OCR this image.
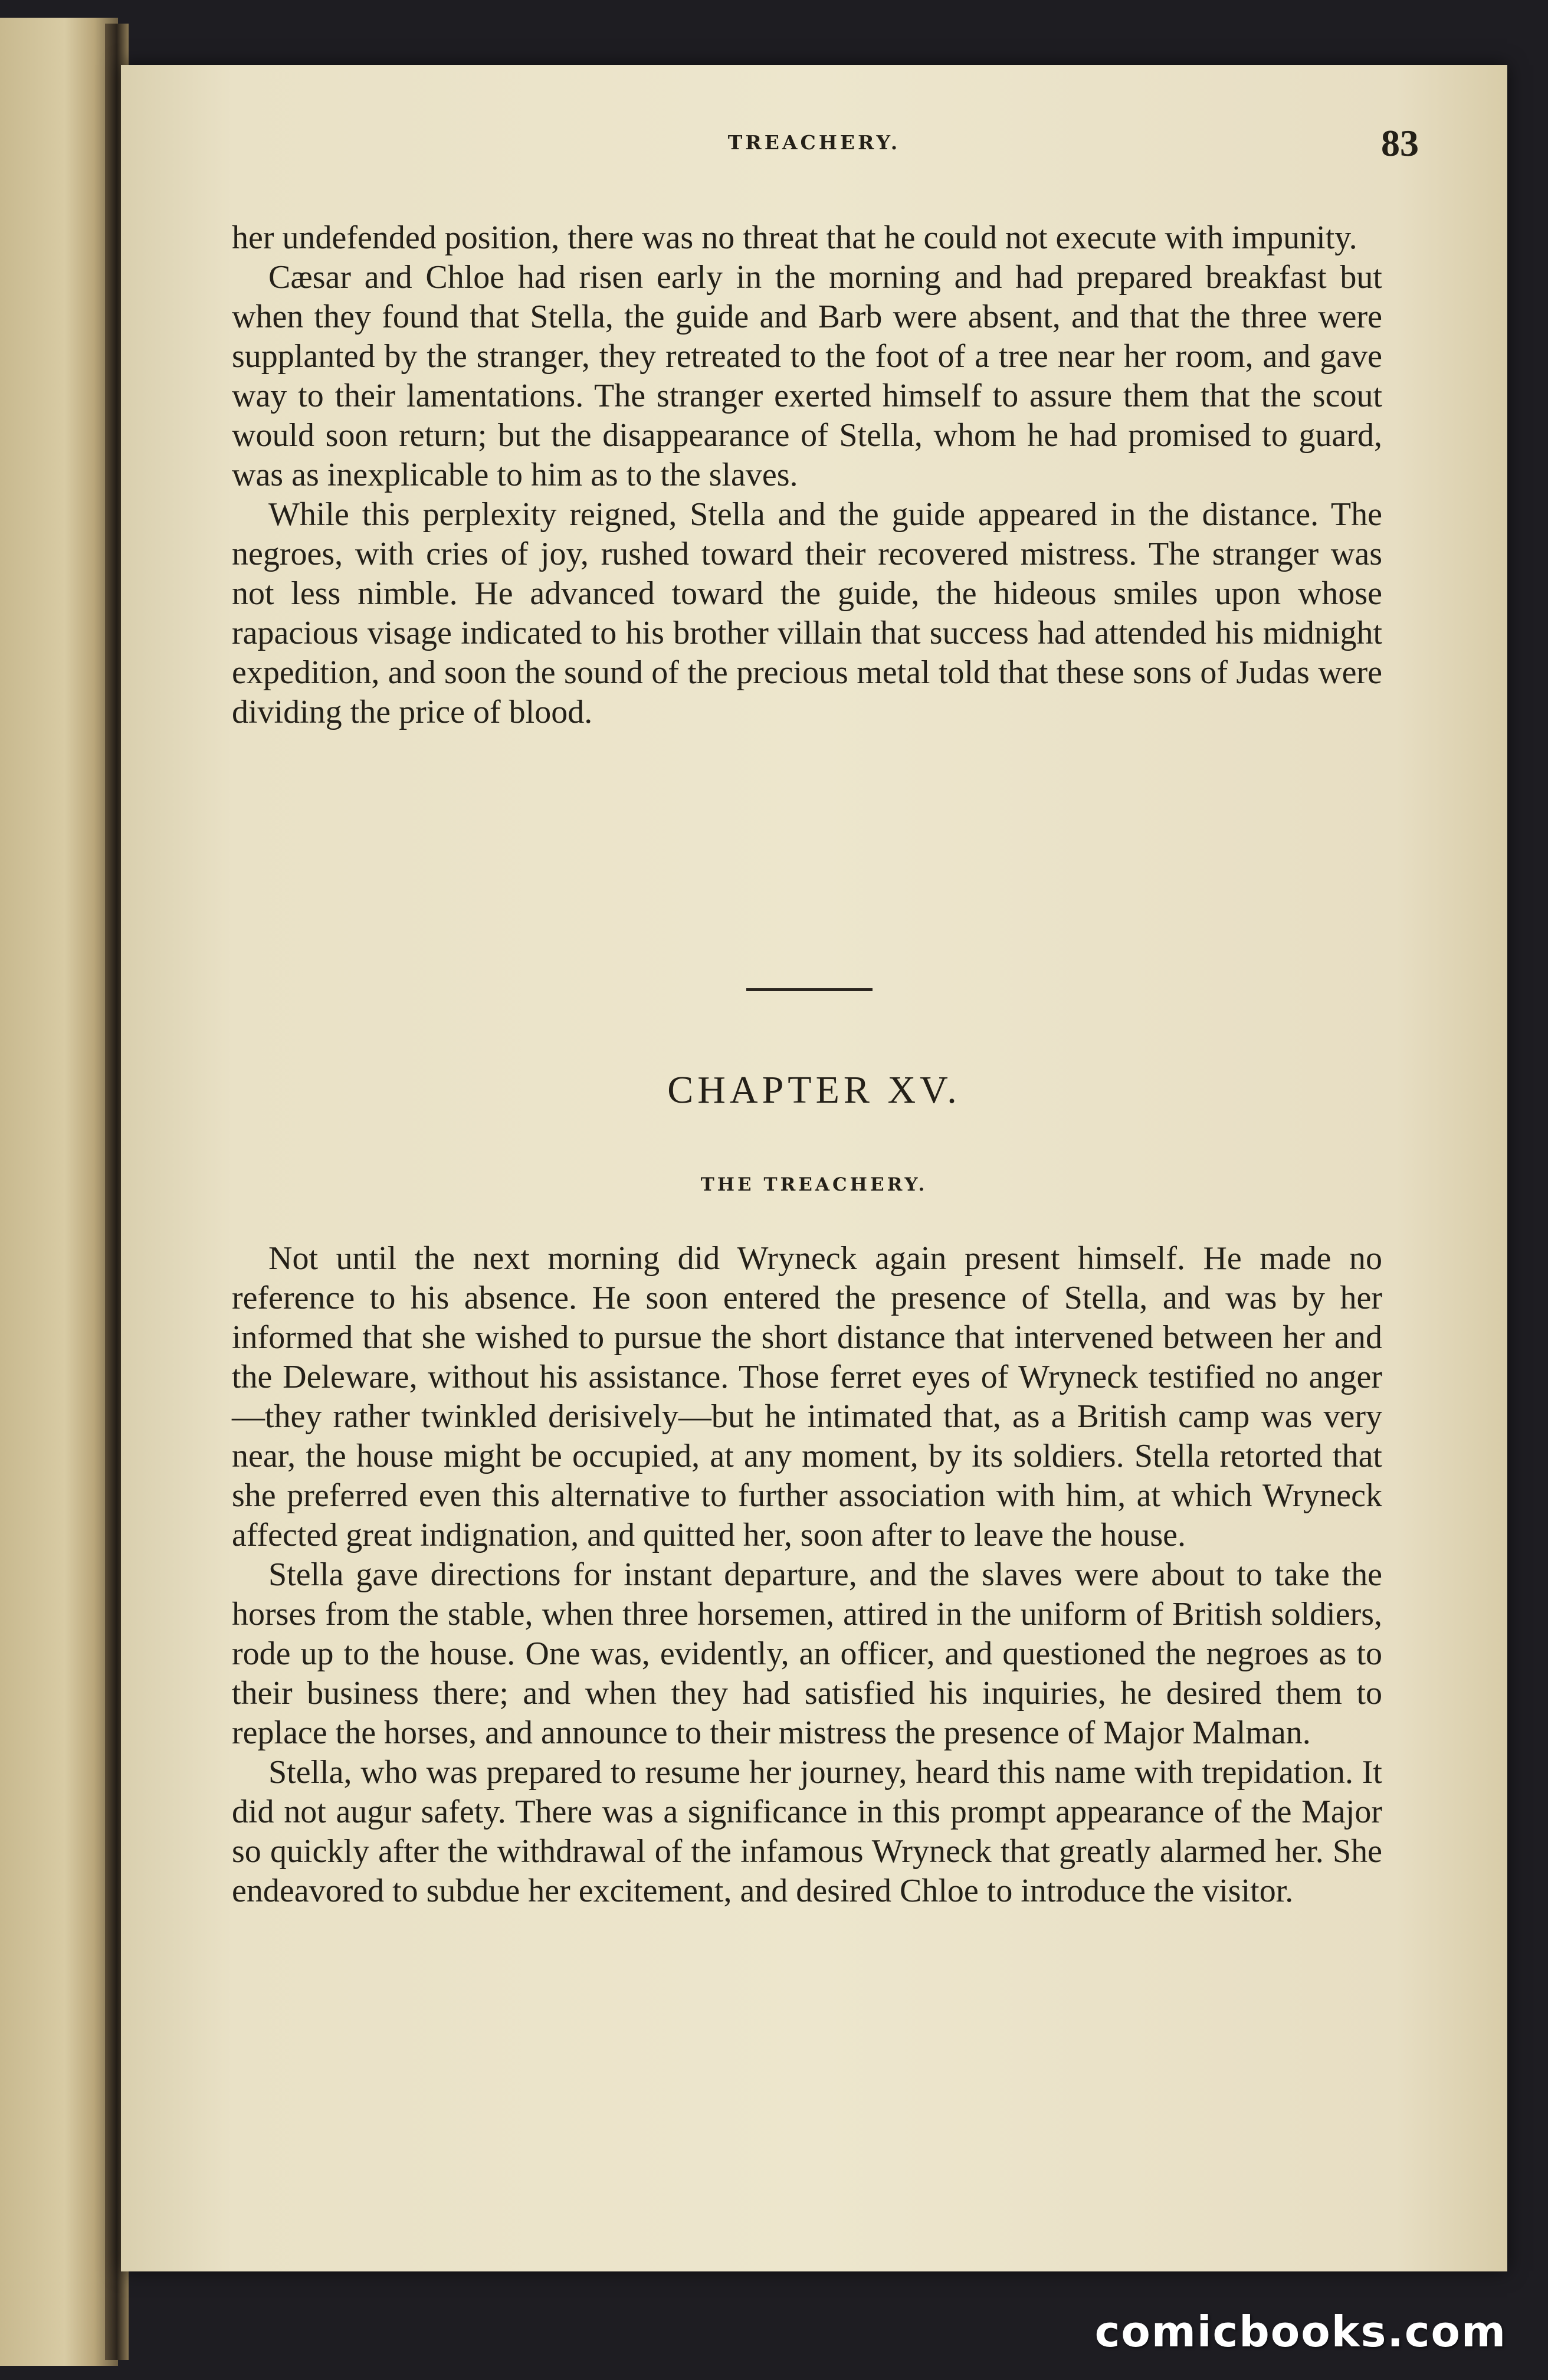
TREACHERY.	83

her undefended position, there was no threat that he could not execute with impunity.

Cæsar and Chloe had risen early in the morning and had prepared breakfast but when they found that Stella, the guide and Barb were absent, and that the three were supplanted by the stranger, they retreated to the foot of a tree near her room, and gave way to their lamentations. The stranger exerted himself to assure them that the scout would soon return; but the disappearance of Stella, whom he had promised to guard, was as inexplicable to him as to the slaves.

While this perplexity reigned, Stella and the guide appeared in the distance. The negroes, with cries of joy, rushed toward their recovered mistress. The stranger was not less nimble. He advanced toward the guide, the hideous smiles upon whose rapacious visage indicated to his brother villain that success had attended his midnight expedition, and soon the sound of the precious metal told that these sons of Judas were dividing the price of blood.

CHAPTER XV.
THE TREACHERY.

Not until the next morning did Wryneck again present himself. He made no reference to his absence. He soon entered the presence of Stella, and was by her informed that she wished to pursue the short distance that intervened between her and the Deleware, without his assistance. Those ferret eyes of Wryneck testified no anger —they rather twinkled derisively—but he intimated that, as a British camp was very near, the house might be occupied, at any moment, by its soldiers. Stella retorted that she preferred even this alternative to further association with him, at which Wryneck affected great indignation, and quitted her, soon after to leave the house.

Stella gave directions for instant departure, and the slaves were about to take the horses from the stable, when three horsemen, attired in the uniform of British soldiers, rode up to the house. One was, evidently, an officer, and questioned the negroes as to their business there; and when they had satisfied his inquiries, he desired them to replace the horses, and announce to their mistress the presence of Major Malman.

Stella, who was prepared to resume her journey, heard this name with trepidation. It did not augur safety. There was a significance in this prompt appearance of the Major so quickly after the withdrawal of the infamous Wryneck that greatly alarmed her. She endeavored to subdue her excitement, and desired Chloe to introduce the visitor.

comicbooks.com
